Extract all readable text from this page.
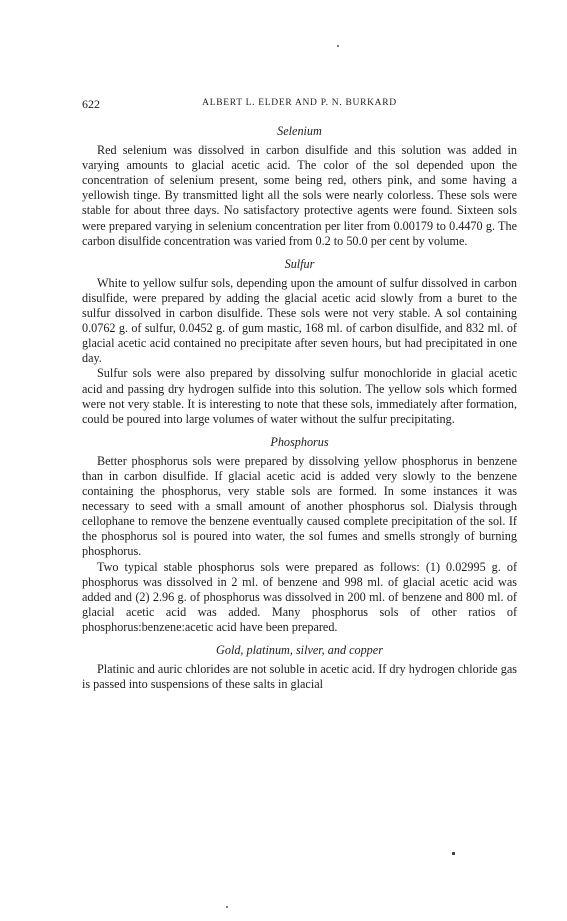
622	ALBERT L. ELDER AND P. N. BURKARD
Selenium

Red selenium was dissolved in carbon disulfide and this solution was added in varying amounts to glacial acetic acid. The color of the sol depended upon the concentration of selenium present, some being red, others pink, and some having a yellowish tinge. By transmitted light all the sols were nearly colorless. These sols were stable for about three days. No satisfactory protective agents were found. Sixteen sols were prepared varying in selenium concentration per liter from 0.00179 to 0.4470 g. The carbon disulfide concentration was varied from 0.2 to 50.0 per cent by volume.

Sulfur

White to yellow sulfur sols, depending upon the amount of sulfur dissolved in carbon disulfide, were prepared by adding the glacial acetic acid slowly from a buret to the sulfur dissolved in carbon disulfide. These sols were not very stable. A sol containing 0.0762 g. of sulfur, 0.0452 g. of gum mastic, 168 ml. of carbon disulfide, and 832 ml. of glacial acetic acid contained no precipitate after seven hours, but had precipitated in one day.

Sulfur sols were also prepared by dissolving sulfur monochloride in glacial acetic acid and passing dry hydrogen sulfide into this solution. The yellow sols which formed were not very stable. It is interesting to note that these sols, immediately after formation, could be poured into large volumes of water without the sulfur precipitating.

Phosphorus

Better phosphorus sols were prepared by dissolving yellow phosphorus in benzene than in carbon disulfide. If glacial acetic acid is added very slowly to the benzene containing the phosphorus, very stable sols are formed. In some instances it was necessary to seed with a small amount of another phosphorus sol. Dialysis through cellophane to remove the benzene eventually caused complete precipitation of the sol. If the phosphorus sol is poured into water, the sol fumes and smells strongly of burning phosphorus.

Two typical stable phosphorus sols were prepared as follows: (1) 0.02995 g. of phosphorus was dissolved in 2 ml. of benzene and 998 ml. of glacial acetic acid was added and (2) 2.96 g. of phosphorus was dissolved in 200 ml. of benzene and 800 ml. of glacial acetic acid was added. Many phosphorus sols of other ratios of phosphorus:benzene:acetic acid have been prepared.

Gold, platinum, silver, and copper

Platinic and auric chlorides are not soluble in acetic acid. If dry hydrogen chloride gas is passed into suspensions of these salts in glacial
